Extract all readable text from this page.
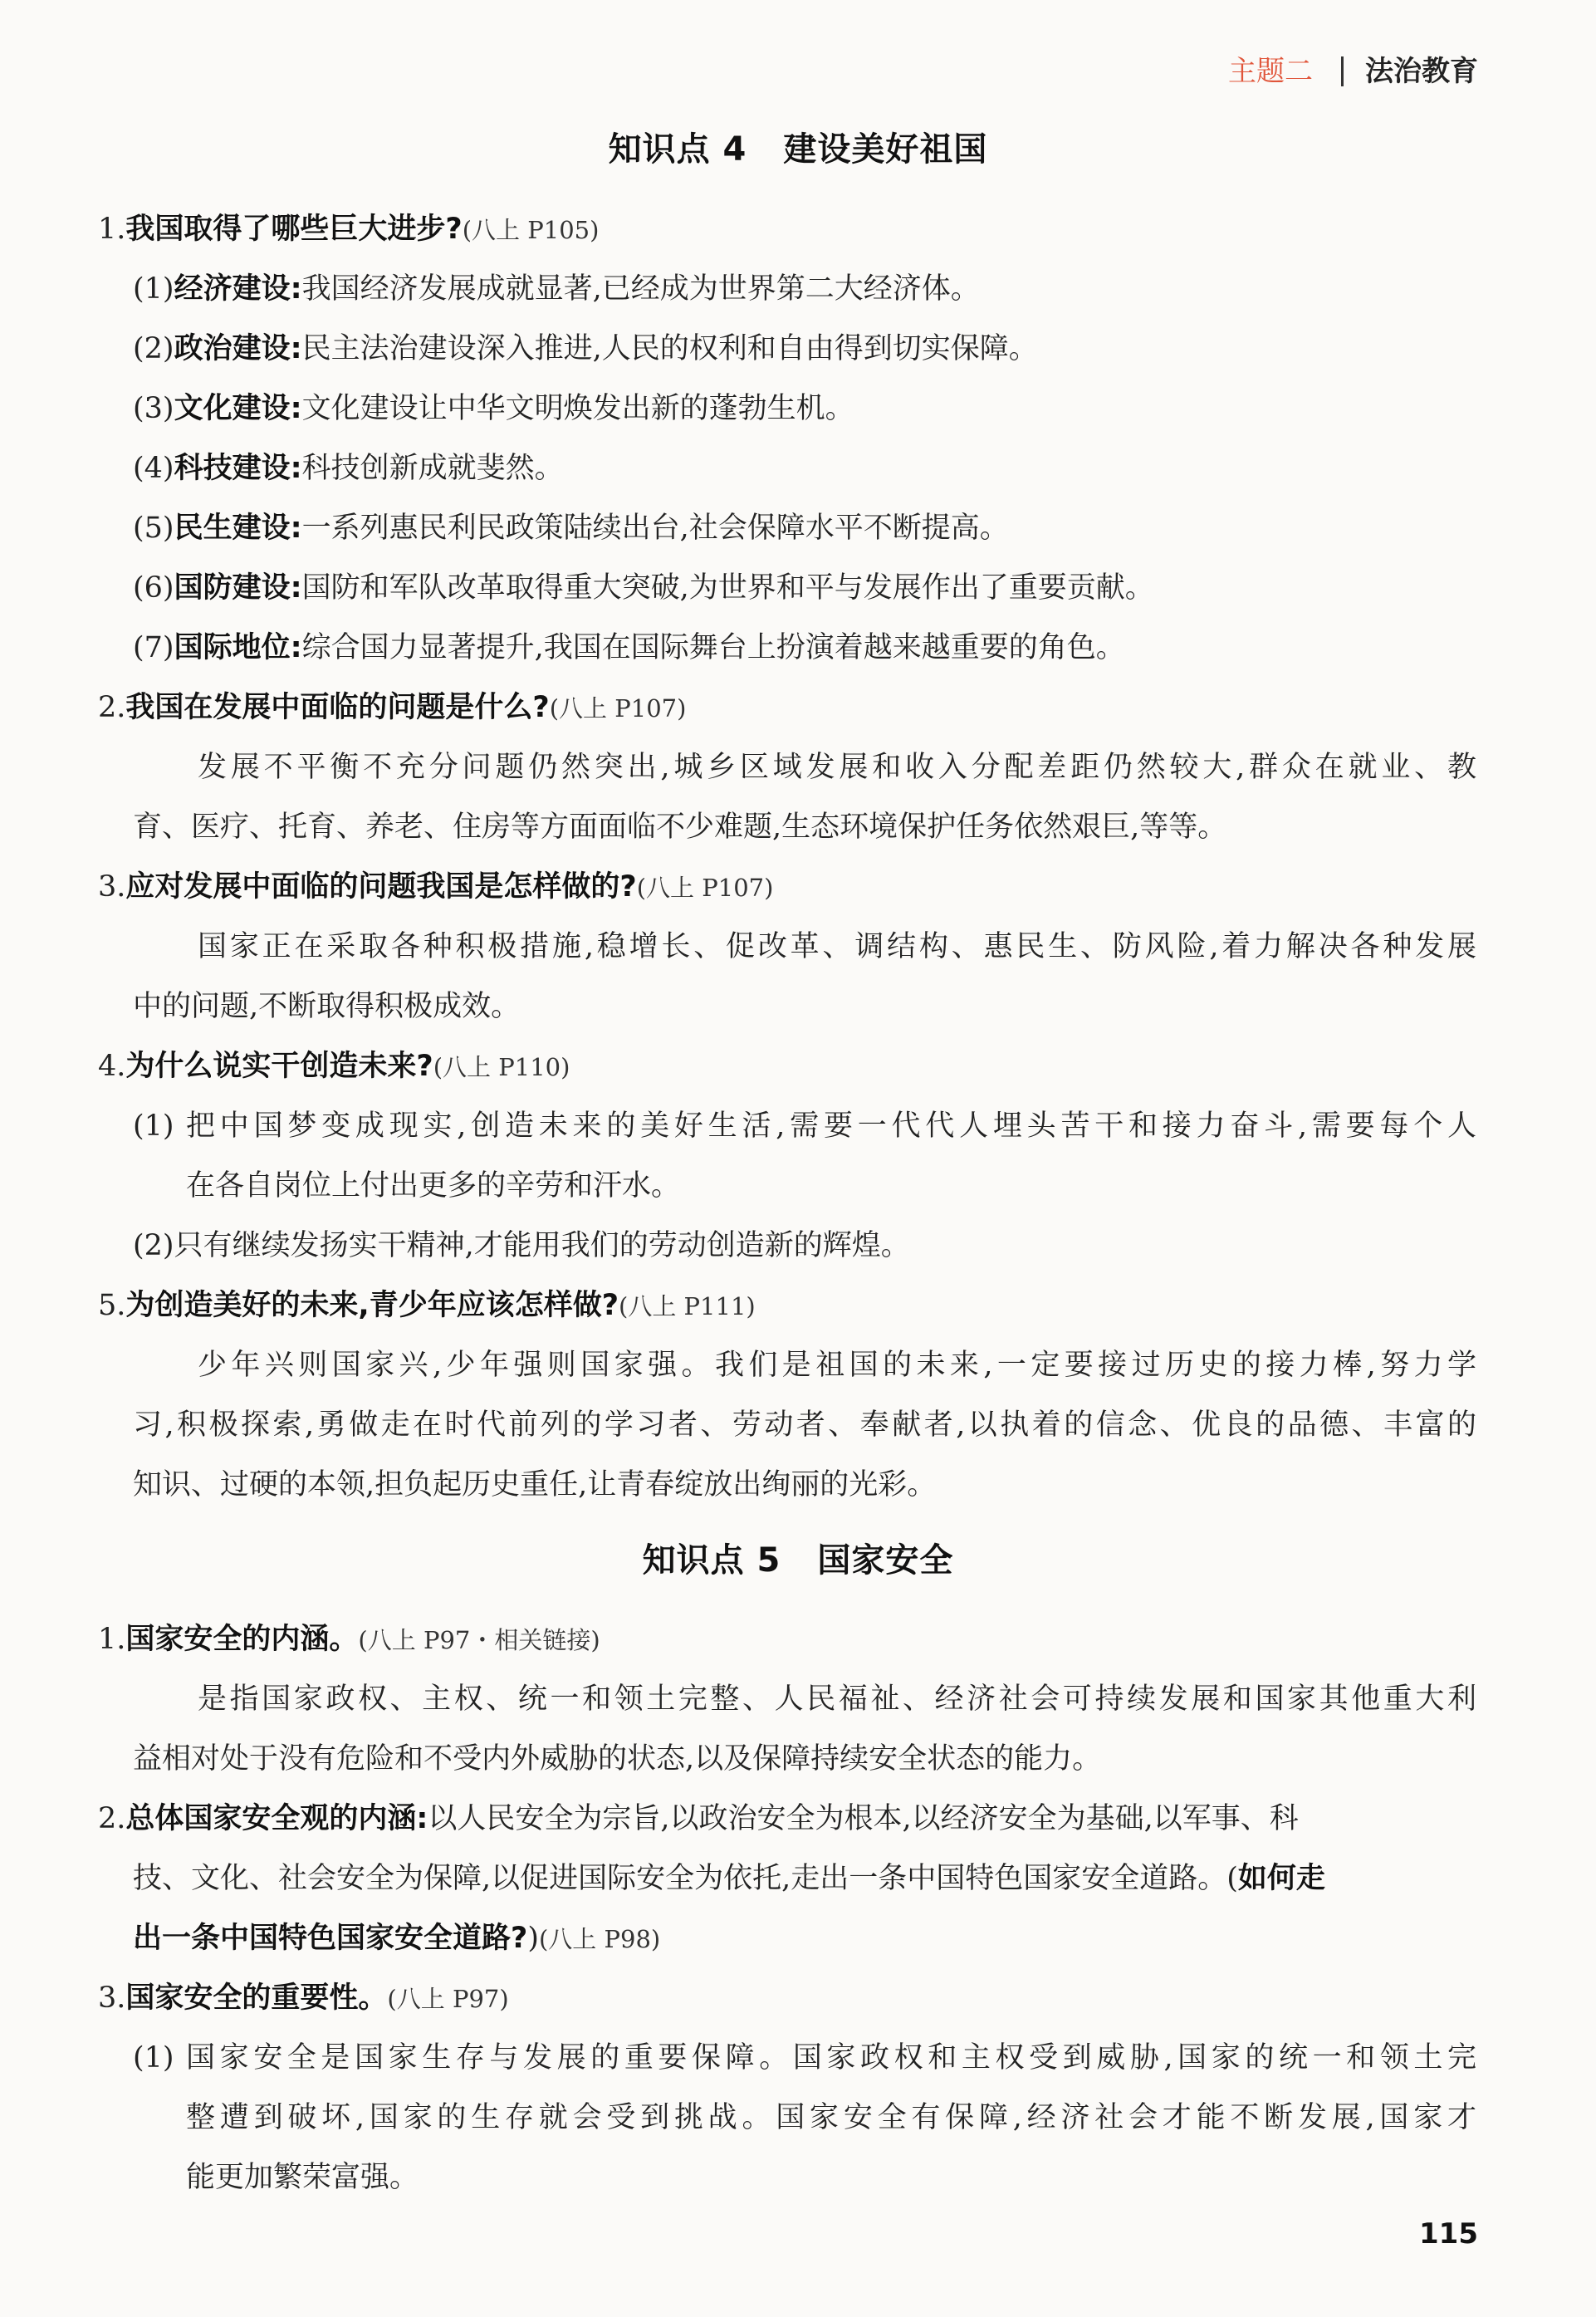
主题二 法治教育
知识点 4 建设美好祖国
1.我国取得了哪些巨大进步?(八上 P105)
(1)经济建设:我国经济发展成就显著,已经成为世界第二大经济体。
(2)政治建设:民主法治建设深入推进,人民的权利和自由得到切实保障。
(3)文化建设:文化建设让中华文明焕发出新的蓬勃生机。
(4)科技建设:科技创新成就斐然。
(5)民生建设:一系列惠民利民政策陆续出台,社会保障水平不断提高。
(6)国防建设:国防和军队改革取得重大突破,为世界和平与发展作出了重要贡献。
(7)国际地位:综合国力显著提升,我国在国际舞台上扮演着越来越重要的角色。
2.我国在发展中面临的问题是什么?(八上 P107)
发展不平衡不充分问题仍然突出,城乡区域发展和收入分配差距仍然较大,群众在就业、教
育、医疗、托育、养老、住房等方面面临不少难题,生态环境保护任务依然艰巨,等等。
3.应对发展中面临的问题我国是怎样做的?(八上 P107)
国家正在采取各种积极措施,稳增长、促改革、调结构、惠民生、防风险,着力解决各种发展
中的问题,不断取得积极成效。
4.为什么说实干创造未来?(八上 P110)
(1) 把中国梦变成现实,创造未来的美好生活,需要一代代人埋头苦干和接力奋斗,需要每个人
在各自岗位上付出更多的辛劳和汗水。
(2)只有继续发扬实干精神,才能用我们的劳动创造新的辉煌。
5.为创造美好的未来,青少年应该怎样做?(八上 P111)
少年兴则国家兴,少年强则国家强。我们是祖国的未来,一定要接过历史的接力棒,努力学
习,积极探索,勇做走在时代前列的学习者、劳动者、奉献者,以执着的信念、优良的品德、丰富的
知识、过硬的本领,担负起历史重任,让青春绽放出绚丽的光彩。
知识点 5 国家安全
1.国家安全的内涵。(八上 P97・相关链接)
是指国家政权、主权、统一和领土完整、人民福祉、经济社会可持续发展和国家其他重大利
益相对处于没有危险和不受内外威胁的状态,以及保障持续安全状态的能力。
2.总体国家安全观的内涵:以人民安全为宗旨,以政治安全为根本,以经济安全为基础,以军事、科
技、文化、社会安全为保障,以促进国际安全为依托,走出一条中国特色国家安全道路。(如何走
出一条中国特色国家安全道路?)(八上 P98)
3.国家安全的重要性。(八上 P97)
(1) 国家安全是国家生存与发展的重要保障。国家政权和主权受到威胁,国家的统一和领土完
整遭到破坏,国家的生存就会受到挑战。国家安全有保障,经济社会才能不断发展,国家才
能更加繁荣富强。
115
